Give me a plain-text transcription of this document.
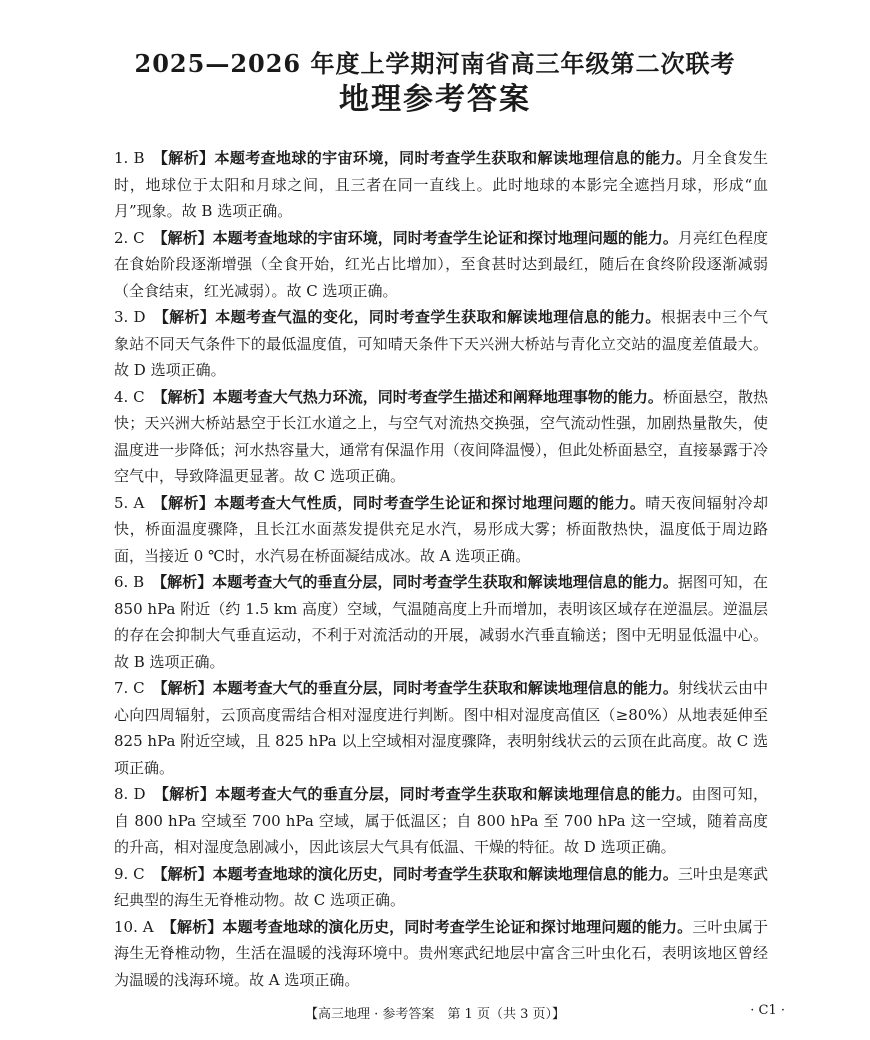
2025—2026 年度上学期河南省高三年级第二次联考

地理参考答案

1. B 【解析】本题考查地球的宇宙环境，同时考查学生获取和解读地理信息的能力。月全食发生时，地球位于太阳和月球之间，且三者在同一直线上。此时地球的本影完全遮挡月球，形成“血月”现象。故 B 选项正确。

2. C 【解析】本题考查地球的宇宙环境，同时考查学生论证和探讨地理问题的能力。月亮红色程度在食始阶段逐渐增强（全食开始，红光占比增加），至食甚时达到最红，随后在食终阶段逐渐减弱（全食结束，红光减弱）。故 C 选项正确。

3. D 【解析】本题考查气温的变化，同时考查学生获取和解读地理信息的能力。根据表中三个气象站不同天气条件下的最低温度值，可知晴天条件下天兴洲大桥站与青化立交站的温度差值最大。故 D 选项正确。

4. C 【解析】本题考查大气热力环流，同时考查学生描述和阐释地理事物的能力。桥面悬空，散热快；天兴洲大桥站悬空于长江水道之上，与空气对流热交换强，空气流动性强，加剧热量散失，使温度进一步降低；河水热容量大，通常有保温作用（夜间降温慢），但此处桥面悬空，直接暴露于冷空气中，导致降温更显著。故 C 选项正确。

5. A 【解析】本题考查大气性质，同时考查学生论证和探讨地理问题的能力。晴天夜间辐射冷却快，桥面温度骤降，且长江水面蒸发提供充足水汽，易形成大雾；桥面散热快，温度低于周边路面，当接近 0 ℃时，水汽易在桥面凝结成冰。故 A 选项正确。

6. B 【解析】本题考查大气的垂直分层，同时考查学生获取和解读地理信息的能力。据图可知，在 850 hPa 附近（约 1.5 km 高度）空域，气温随高度上升而增加，表明该区域存在逆温层。逆温层的存在会抑制大气垂直运动，不利于对流活动的开展，减弱水汽垂直输送；图中无明显低温中心。故 B 选项正确。

7. C 【解析】本题考查大气的垂直分层，同时考查学生获取和解读地理信息的能力。射线状云由中心向四周辐射，云顶高度需结合相对湿度进行判断。图中相对湿度高值区（≥80%）从地表延伸至 825 hPa 附近空域，且 825 hPa 以上空域相对湿度骤降，表明射线状云的云顶在此高度。故 C 选项正确。

8. D 【解析】本题考查大气的垂直分层，同时考查学生获取和解读地理信息的能力。由图可知，自 800 hPa 空域至 700 hPa 空域，属于低温区；自 800 hPa 至 700 hPa 这一空域，随着高度的升高，相对湿度急剧减小，因此该层大气具有低温、干燥的特征。故 D 选项正确。

9. C 【解析】本题考查地球的演化历史，同时考查学生获取和解读地理信息的能力。三叶虫是寒武纪典型的海生无脊椎动物。故 C 选项正确。

10. A 【解析】本题考查地球的演化历史，同时考查学生论证和探讨地理问题的能力。三叶虫属于海生无脊椎动物，生活在温暖的浅海环境中。贵州寒武纪地层中富含三叶虫化石，表明该地区曾经为温暖的浅海环境。故 A 选项正确。

【高三地理 · 参考答案　第 1 页（共 3 页）】	· C1 ·
